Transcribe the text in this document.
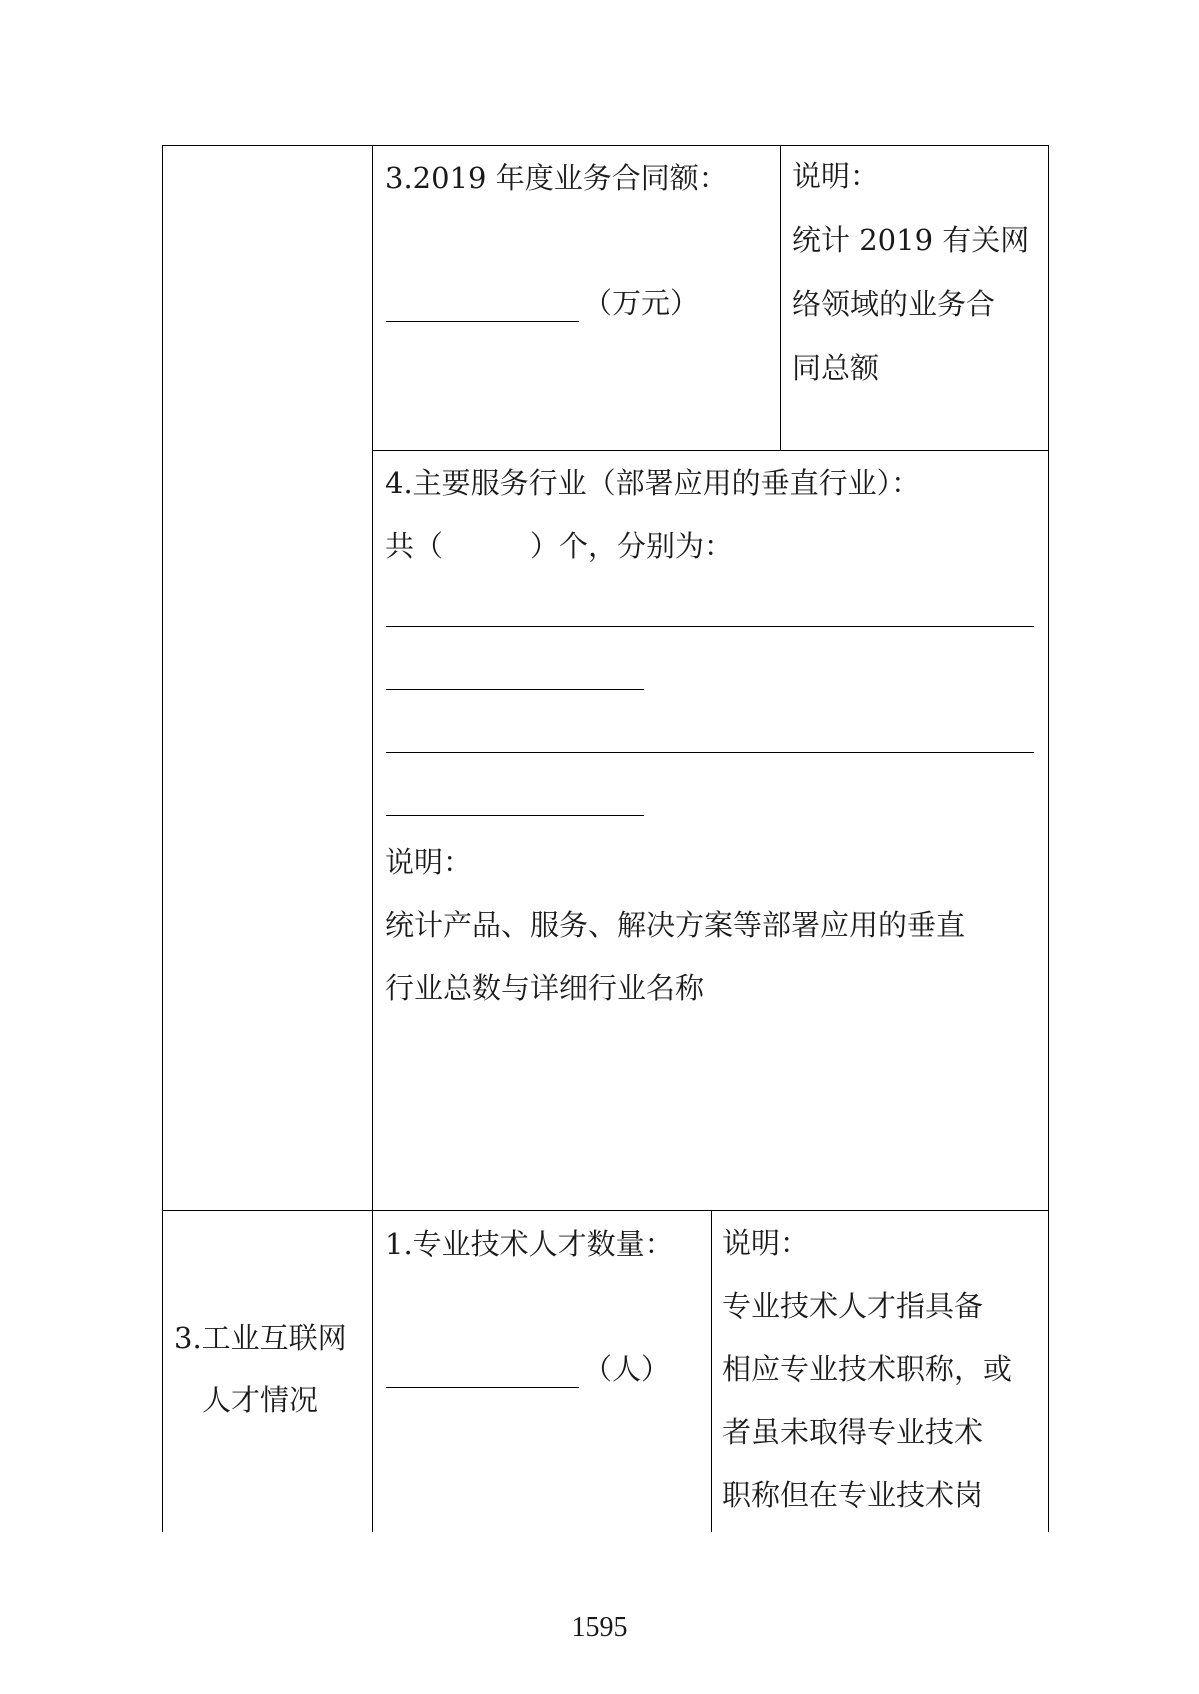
3.2019 年度业务合同额：
（万元）
说明：
统计 2019 有关网
络领域的业务合
同总额
4.主要服务行业（部署应用的垂直行业）：
共（　　　）个，分别为：
说明：
统计产品、服务、解决方案等部署应用的垂直
行业总数与详细行业名称
3.工业互联网
人才情况
1.专业技术人才数量：
（人）
说明：
专业技术人才指具备
相应专业技术职称，或
者虽未取得专业技术
职称但在专业技术岗
1595
